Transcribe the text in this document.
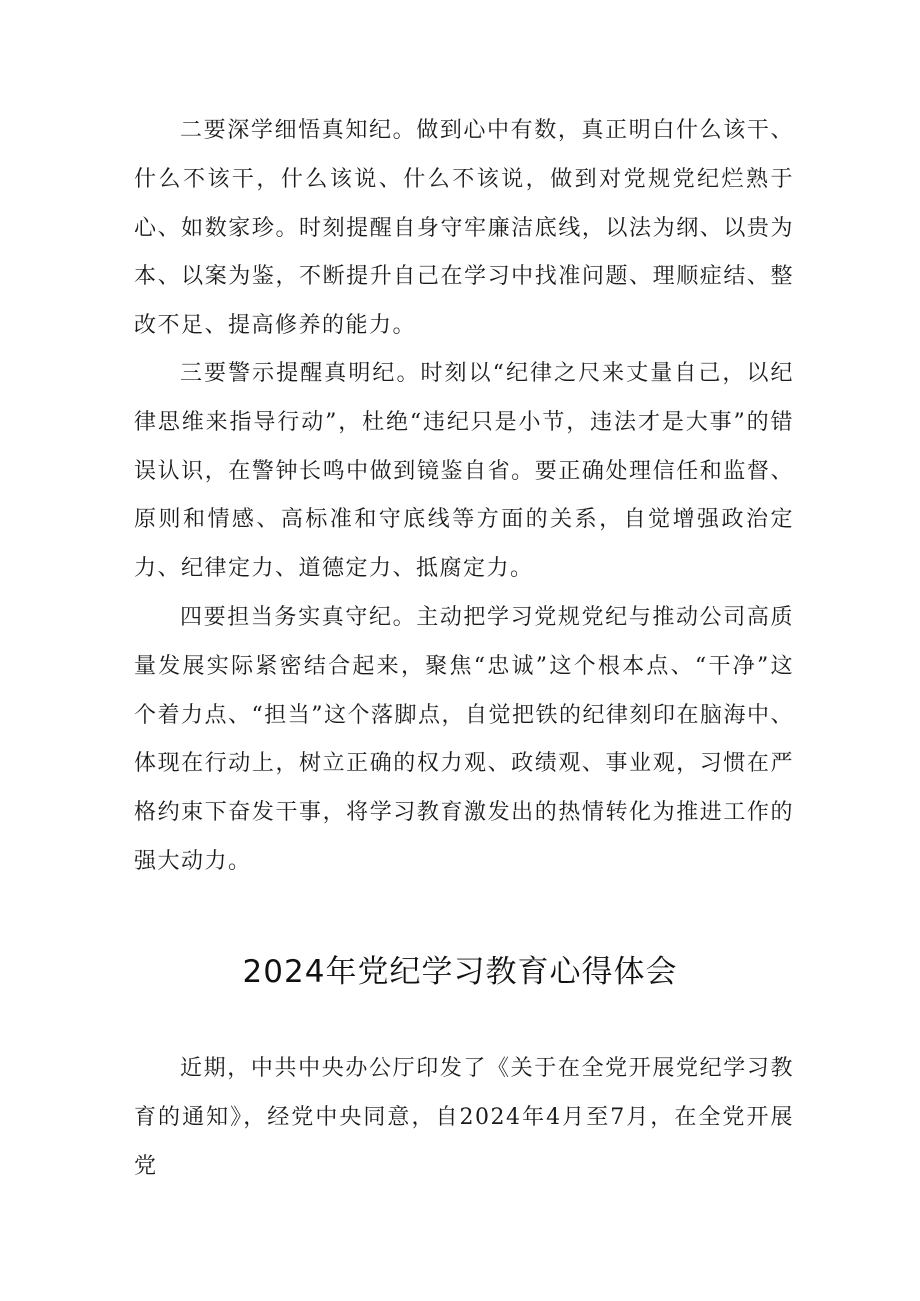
二要深学细悟真知纪。做到心中有数，真正明白什么该干、什么不该干，什么该说、什么不该说，做到对党规党纪烂熟于心、如数家珍。时刻提醒自身守牢廉洁底线，以法为纲、以贵为本、以案为鉴，不断提升自己在学习中找准问题、理顺症结、整改不足、提高修养的能力。

三要警示提醒真明纪。时刻以“纪律之尺来丈量自己，以纪律思维来指导行动”，杜绝“违纪只是小节，违法才是大事”的错误认识，在警钟长鸣中做到镜鉴自省。要正确处理信任和监督、原则和情感、高标准和守底线等方面的关系，自觉增强政治定力、纪律定力、道德定力、抵腐定力。

四要担当务实真守纪。主动把学习党规党纪与推动公司高质量发展实际紧密结合起来，聚焦“忠诚”这个根本点、“干净”这个着力点、“担当”这个落脚点，自觉把铁的纪律刻印在脑海中、体现在行动上，树立正确的权力观、政绩观、事业观，习惯在严格约束下奋发干事，将学习教育激发出的热情转化为推进工作的强大动力。

2024年党纪学习教育心得体会

近期，中共中央办公厅印发了《关于在全党开展党纪学习教育的通知》，经党中央同意，自2024年4月至7月，在全党开展党
